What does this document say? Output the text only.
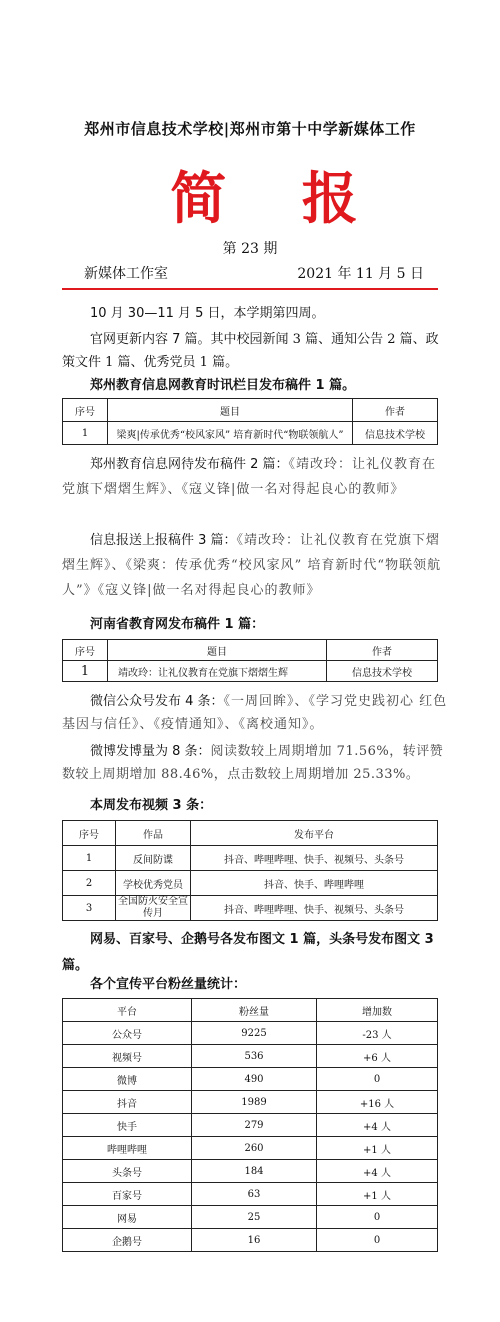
郑州市信息技术学校|郑州市第十中学新媒体工作
简 报
第 23 期
新媒体工作室	2021 年 11 月 5 日
10 月 30—11 月 5 日，本学期第四周。
官网更新内容 7 篇。其中校园新闻 3 篇、通知公告 2 篇、政策文件 1 篇、优秀党员 1 篇。
郑州教育信息网教育时讯栏目发布稿件 1 篇。
序号	题目	作者
1	梁爽|传承优秀“校风家风” 培育新时代“物联领航人”	信息技术学校
郑州教育信息网待发布稿件 2 篇：《靖改玲：让礼仪教育在党旗下熠熠生辉》、《寇义锋|做一名对得起良心的教师》
信息报送上报稿件 3 篇：《靖改玲：让礼仪教育在党旗下熠熠生辉》、《梁爽：传承优秀“校风家风” 培育新时代“物联领航人”》《寇义锋|做一名对得起良心的教师》
河南省教育网发布稿件 1 篇：
序号	题目	作者
1	靖改玲：让礼仪教育在党旗下熠熠生辉	信息技术学校
微信公众号发布 4 条：《一周回眸》、《学习党史践初心 红色基因与信任》、《疫情通知》、《离校通知》。
微博发博量为 8 条：阅读数较上周期增加 71.56%，转评赞数较上周期增加 88.46%，点击数较上周期增加 25.33%。
本周发布视频 3 条：
序号	作品	发布平台
1	反间防谍	抖音、哔哩哔哩、快手、视频号、头条号
2	学校优秀党员	抖音、快手、哔哩哔哩
3	全国防火安全宣传月	抖音、哔哩哔哩、快手、视频号、头条号
网易、百家号、企鹅号各发布图文 1 篇，头条号发布图文 3 篇。
各个宣传平台粉丝量统计：
平台	粉丝量	增加数
公众号	9225	-23 人
视频号	536	+6 人
微博	490	0
抖音	1989	+16 人
快手	279	+4 人
哔哩哔哩	260	+1 人
头条号	184	+4 人
百家号	63	+1 人
网易	25	0
企鹅号	16	0
